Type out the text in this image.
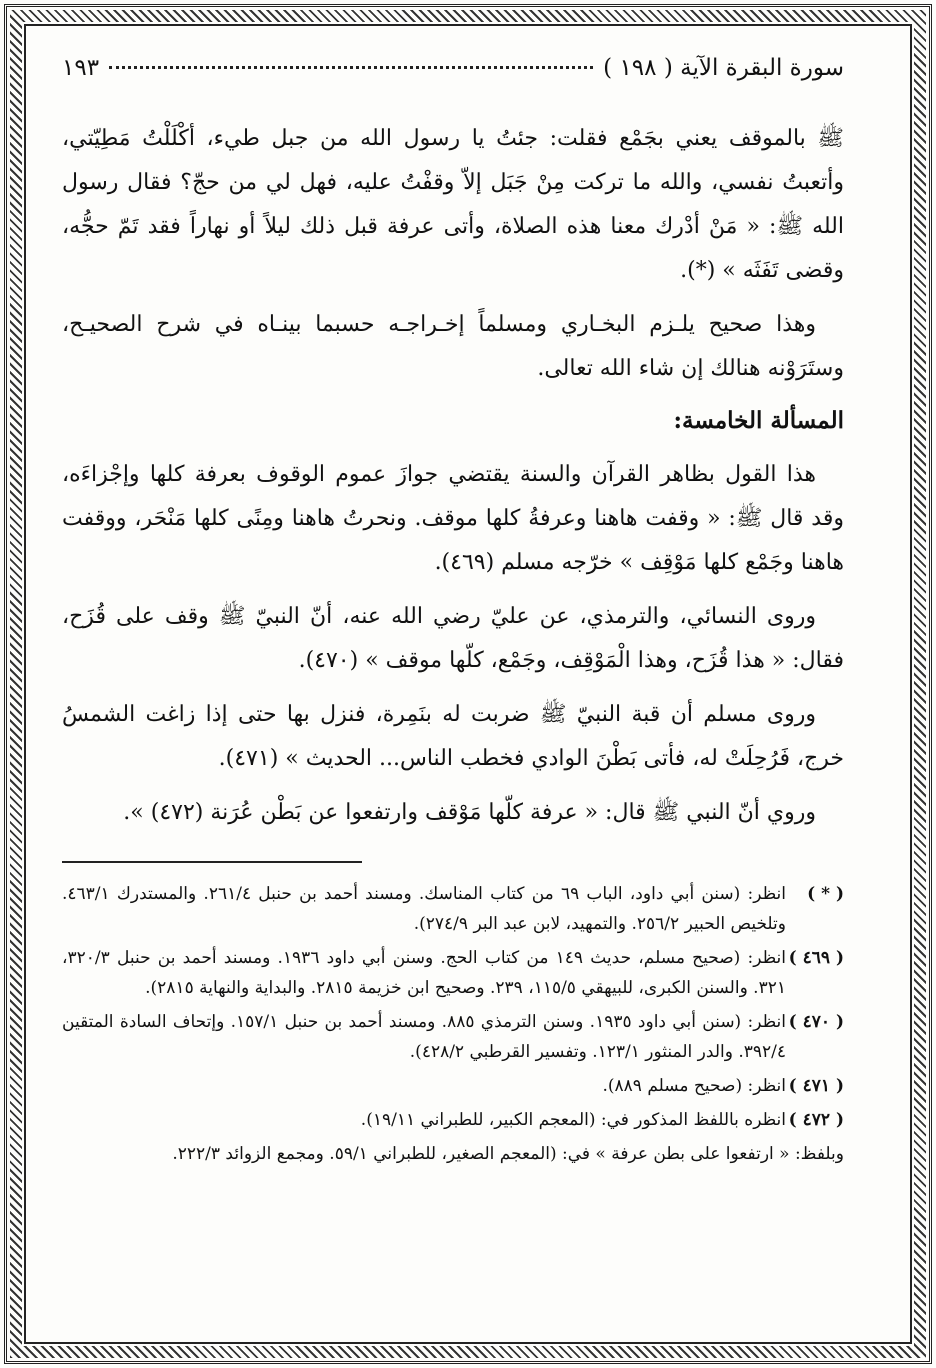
سورة البقرة الآية ( ١٩٨ )
١٩٣

ﷺ بالموقف يعني بجَمْع فقلت: جئتُ يا رسول الله من جبل طيء، أكْلَلْتُ مَطِيّتي، وأتعبتُ نفسي، والله ما تركت مِنْ جَبَل إلاّ وقفْتُ عليه، فهل لي من حجّ؟ فقال رسول الله ﷺ: « مَنْ أدْرك معنا هذه الصلاة، وأتى عرفة قبل ذلك ليلاً أو نهاراً فقد تَمّ حجُّه، وقضى تَفَثَه » (*).

وهذا صحيح يلـزم البخـاري ومسلماً إخـراجـه حسبما بينـاه في شرح الصحيـح، وستَرَوْنه هنالك إن شاء الله تعالى.

المسألة الخامسة:

هذا القول بظاهر القرآن والسنة يقتضي جوازَ عموم الوقوف بعرفة كلها وإجْزاءَه، وقد قال ﷺ: « وقفت هاهنا وعرفةُ كلها موقف. ونحرتُ هاهنا ومِنًى كلها مَنْحَر، ووقفت هاهنا وجَمْع كلها مَوْقِف » خرّجه مسلم (٤٦٩).

وروى النسائي، والترمذي، عن عليّ رضي الله عنه، أنّ النبيّ ﷺ وقف على قُزَح، فقال: « هذا قُزَح، وهذا الْمَوْقِف، وجَمْع، كلّها موقف » (٤٧٠).

وروى مسلم أن قبة النبيّ ﷺ ضربت له بنَمِرة، فنزل بها حتى إذا زاغت الشمسُ خرج، فَرُحِلَتْ له، فأتى بَطْنَ الوادي فخطب الناس... الحديث » (٤٧١).

وروي أنّ النبي ﷺ قال: « عرفة كلّها مَوْقف وارتفعوا عن بَطْن عُرَنة (٤٧٢) ».

( * )
انظر: (سنن أبي داود، الباب ٦٩ من كتاب المناسك. ومسند أحمد بن حنبل ٢٦١/٤. والمستدرك ٤٦٣/١. وتلخيص الحبير ٢٥٦/٢. والتمهيد، لابن عبد البر ٢٧٤/٩).
( ٤٦٩ )
انظر: (صحيح مسلم، حديث ١٤٩ من كتاب الحج. وسنن أبي داود ١٩٣٦. ومسند أحمد بن حنبل ٣٢٠/٣، ٣٢١. والسنن الكبرى، للبيهقي ١١٥/٥، ٢٣٩. وصحيح ابن خزيمة ٢٨١٥. والبداية والنهاية ٢٨١٥).
( ٤٧٠ )
انظر: (سنن أبي داود ١٩٣٥. وسنن الترمذي ٨٨٥. ومسند أحمد بن حنبل ١٥٧/١. وإتحاف السادة المتقين ٣٩٢/٤. والدر المنثور ١٢٣/١. وتفسير القرطبي ٤٢٨/٢).
( ٤٧١ )
انظر: (صحيح مسلم ٨٨٩).
( ٤٧٢ )
انظره باللفظ المذكور في: (المعجم الكبير، للطبراني ١٩/١١).
وبلفظ: « ارتفعوا على بطن عرفة » في: (المعجم الصغير، للطبراني ٥٩/١. ومجمع الزوائد ٢٢٢/٣.
